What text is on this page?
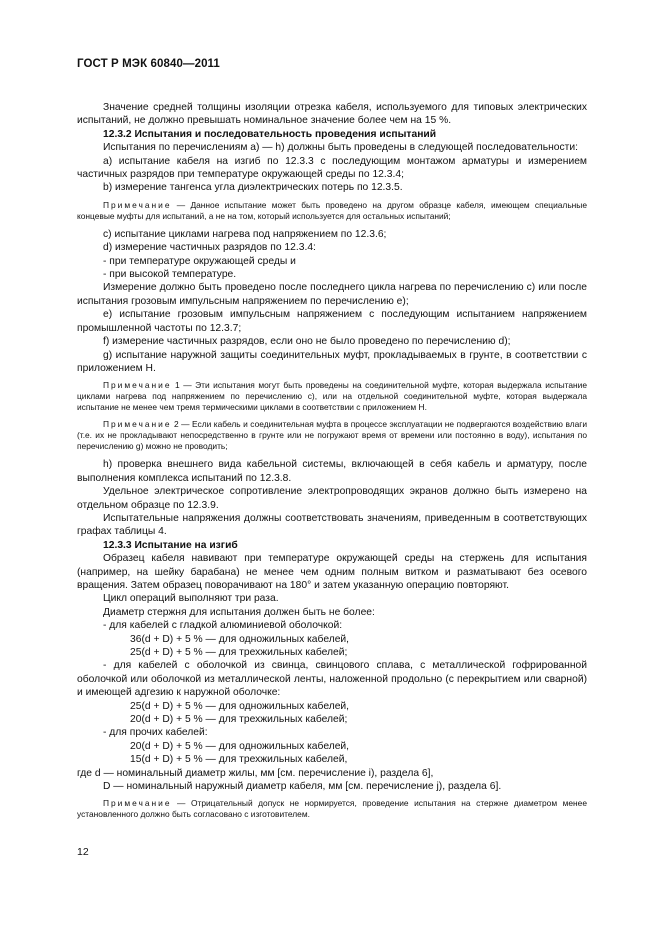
ГОСТ Р МЭК 60840—2011

Значение средней толщины изоляции отрезка кабеля, используемого для типовых электрических испытаний, не должно превышать номинальное значение более чем на 15 %.

12.3.2 Испытания и последовательность проведения испытаний

Испытания по перечислениям а) — h) должны быть проведены в следующей последовательности:

a) испытание кабеля на изгиб по 12.3.3 с последующим монтажом арматуры и измерением частичных разрядов при температуре окружающей среды по 12.3.4;

b) измерение тангенса угла диэлектрических потерь по 12.3.5.

Примечание — Данное испытание может быть проведено на другом образце кабеля, имеющем специальные концевые муфты для испытаний, а не на том, который используется для остальных испытаний;

c) испытание циклами нагрева под напряжением по 12.3.6;

d) измерение частичных разрядов по 12.3.4:

- при температуре окружающей среды и

- при высокой температуре.

Измерение должно быть проведено после последнего цикла нагрева по перечислению c) или после испытания грозовым импульсным напряжением по перечислению e);

e) испытание грозовым импульсным напряжением с последующим испытанием напряжением промышленной частоты по 12.3.7;

f) измерение частичных разрядов, если оно не было проведено по перечислению d);

g) испытание наружной защиты соединительных муфт, прокладываемых в грунте, в соответствии с приложением Н.

Примечание 1 — Эти испытания могут быть проведены на соединительной муфте, которая выдержала испытание циклами нагрева под напряжением по перечислению c), или на отдельной соединительной муфте, которая выдержала испытание не менее чем тремя термическими циклами в соответствии с приложением Н.

Примечание 2 — Если кабель и соединительная муфта в процессе эксплуатации не подвергаются воздействию влаги (т.е. их не прокладывают непосредственно в грунте или не погружают время от времени или постоянно в воду), испытания по перечислению g) можно не проводить;

h) проверка внешнего вида кабельной системы, включающей в себя кабель и арматуру, после выполнения комплекса испытаний по 12.3.8.

Удельное электрическое сопротивление электропроводящих экранов должно быть измерено на отдельном образце по 12.3.9.

Испытательные напряжения должны соответствовать значениям, приведенным в соответствующих графах таблицы 4.

12.3.3 Испытание на изгиб

Образец кабеля навивают при температуре окружающей среды на стержень для испытания (например, на шейку барабана) не менее чем одним полным витком и разматывают без осевого вращения. Затем образец поворачивают на 180° и затем указанную операцию повторяют.

Цикл операций выполняют три раза.

Диаметр стержня для испытания должен быть не более:

- для кабелей с гладкой алюминиевой оболочкой:

36(d + D) + 5 % — для одножильных кабелей,

25(d + D) + 5 % — для трехжильных кабелей;

- для кабелей с оболочкой из свинца, свинцового сплава, с металлической гофрированной оболочкой или оболочкой из металлической ленты, наложенной продольно (с перекрытием или сварной) и имеющей адгезию к наружной оболочке:

25(d + D) + 5 % — для одножильных кабелей,

20(d + D) + 5 % — для трехжильных кабелей;

- для прочих кабелей:

20(d + D) + 5 % — для одножильных кабелей,

15(d + D) + 5 % — для трехжильных кабелей,

где d — номинальный диаметр жилы, мм [см. перечисление i), раздела 6],

D — номинальный наружный диаметр кабеля, мм [см. перечисление j), раздела 6].

Примечание — Отрицательный допуск не нормируется, проведение испытания на стержне диаметром менее установленного должно быть согласовано с изготовителем.

12
